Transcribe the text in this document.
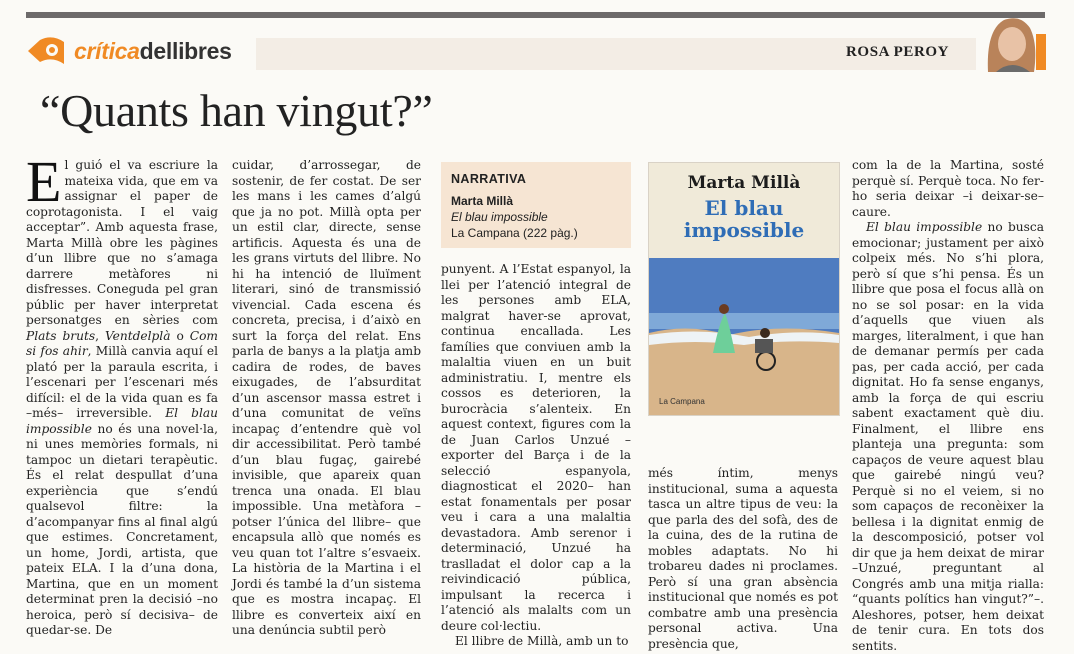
críticadellibres	ROSA PEROY
“Quants han vingut?”

El guió el va escriure la mateixa vida, que em va assignar el paper de coprotagonista. I el vaig acceptar”. Amb aquesta frase, Marta Millà obre les pàgines d’un llibre que no s’amaga darrere metàfores ni disfresses. Coneguda pel gran públic per haver interpretat personatges en sèries com Plats bruts, Ventdelplà o Com si fos ahir, Millà canvia aquí el plató per la paraula escrita, i l’escenari per l’escenari més difícil: el de la vida quan es fa –més– irreversible. El blau impossible no és una novel·la, ni unes memòries formals, ni tampoc un dietari terapèutic. És el relat despullat d’una experiència que s’endú qualsevol filtre: la d’acompanyar fins al final algú que estimes. Concretament, un home, Jordi, artista, que pateix ELA. I la d’una dona, Martina, que en un moment determinat pren la decisió –no heroica, però sí decisiva– de quedar-se. De

cuidar, d’arrossegar, de sostenir, de fer costat. De ser les mans i les cames d’algú que ja no pot. Millà opta per un estil clar, directe, sense artificis. Aquesta és una de les grans virtuts del llibre. No hi ha intenció de lluïment literari, sinó de transmissió vivencial. Cada escena és concreta, precisa, i d’això en surt la força del relat. Ens parla de banys a la platja amb cadira de rodes, de baves eixugades, de l’absurditat d’un ascensor massa estret i d’una comunitat de veïns incapaç d’entendre què vol dir accessibilitat. Però també d’un blau fugaç, gairebé invisible, que apareix quan trenca una onada. El blau impossible. Una metàfora –potser l’única del llibre– que encapsula allò que només es veu quan tot l’altre s’esvaeix. La història de la Martina i el Jordi és també la d’un sistema que es mostra incapaç. El llibre es converteix així en una denúncia subtil però

NARRATIVA
Marta Millà
El blau impossible
La Campana (222 pàg.)

punyent. A l’Estat espanyol, la llei per l’atenció integral de les persones amb ELA, malgrat haver-se aprovat, continua encallada. Les famílies que conviuen amb la malaltia viuen en un buit administratiu. I, mentre els cossos es deterioren, la burocràcia s’alenteix. En aquest context, figures com la de Juan Carlos Unzué –exporter del Barça i de la selecció espanyola, diagnosticat el 2020– han estat fonamentals per posar veu i cara a una malaltia devastadora. Amb serenor i determinació, Unzué ha traslladat el dolor cap a la reivindicació pública, impulsant la recerca i l’atenció als malalts com un deure col·lectiu.

El llibre de Millà, amb un to

Marta Millà
El blau
impossible
La Campana

més íntim, menys institucional, suma a aquesta tasca un altre tipus de veu: la que parla des del sofà, des de la cuina, des de la rutina de mobles adaptats. No hi trobareu dades ni proclames. Però sí una gran absència institucional que només es pot combatre amb una presència personal activa. Una presència que,

com la de la Martina, sosté perquè sí. Perquè toca. No fer-ho seria deixar –i deixar-se– caure.

El blau impossible no busca emocionar; justament per això colpeix més. No s’hi plora, però sí que s’hi pensa. És un llibre que posa el focus allà on no se sol posar: en la vida d’aquells que viuen als marges, literalment, i que han de demanar permís per cada pas, per cada acció, per cada dignitat. Ho fa sense enganys, amb la força de qui escriu sabent exactament què diu. Finalment, el llibre ens planteja una pregunta: som capaços de veure aquest blau que gairebé ningú veu? Perquè si no el veiem, si no som capaços de reconèixer la bellesa i la dignitat enmig de la descomposició, potser vol dir que ja hem deixat de mirar –Unzué, preguntant al Congrés amb una mitja rialla: “quants polítics han vingut?”–. Aleshores, potser, hem deixat de tenir cura. En tots dos sentits.
